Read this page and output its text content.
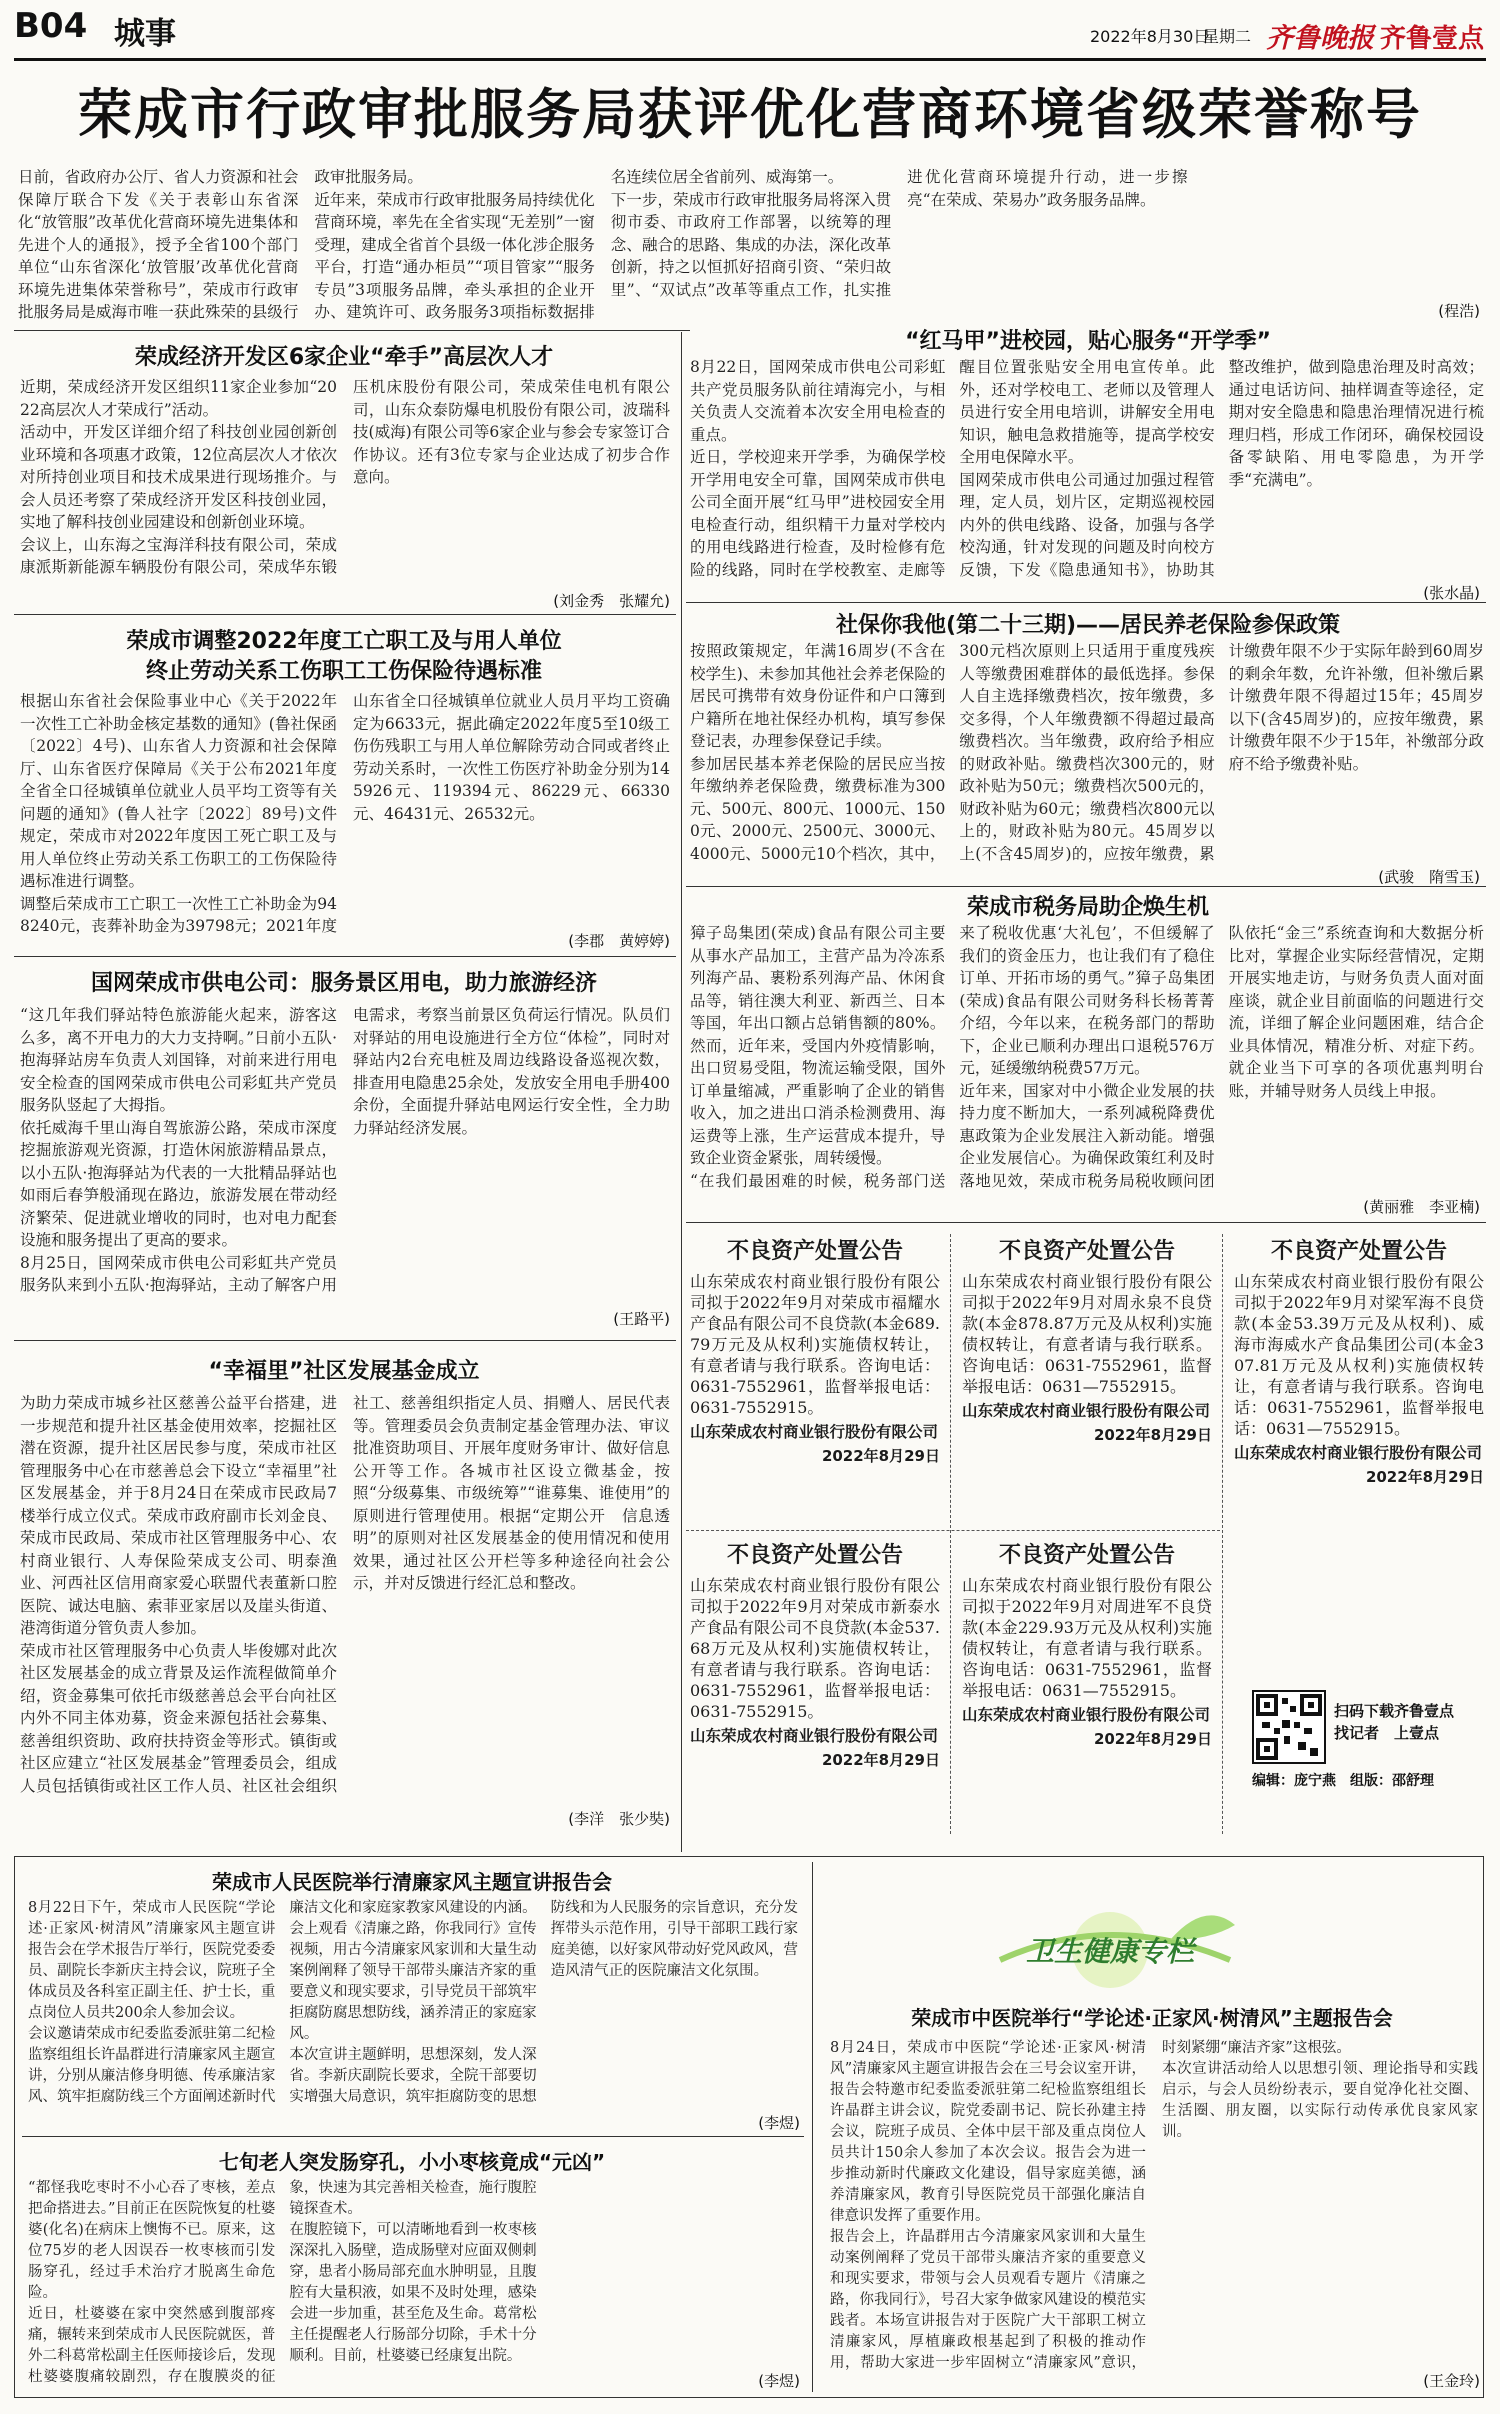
B04 城事	2022年8月30日
星期二 齐鲁晚报 齐鲁壹点
荣成市行政审批服务局获评优化营商环境省级荣誉称号
日前，省政府办公厅、省人力资源和社会保障厅联合下发《关于表彰山东省深化“放管服”改革优化营商环境先进集体和先进个人的通报》，授予全省100个部门单位“山东省深化‘放管服’改革优化营商环境先进集体荣誉称号”，荣成市行政审批服务局是威海市唯一获此殊荣的县级行政审批服务局。
近年来，荣成市行政审批服务局持续优化营商环境，率先在全省实现“无差别”一窗受理，建成全省首个县级一体化涉企服务平台，打造“通办柜员”“项目管家”“服务专员”3项服务品牌，牵头承担的企业开办、建筑许可、政务服务3项指标数据排名连续位居全省前列、威海第一。
下一步，荣成市行政审批服务局将深入贯彻市委、市政府工作部署，以统筹的理念、融合的思路、集成的办法，深化改革创新，持之以恒抓好招商引资、“荣归故里”、“双试点”改革等重点工作，扎实推进优化营商环境提升行动，进一步擦亮“在荣成、荣易办”政务服务品牌。
(程浩)
荣成经济开发区6家企业“牵手”高层次人才
近期，荣成经济开发区组织11家企业参加“2022高层次人才荣成行”活动。
活动中，开发区详细介绍了科技创业园创新创业环境和各项惠才政策，12位高层次人才依次对所持创业项目和技术成果进行现场推介。与会人员还考察了荣成经济开发区科技创业园，实地了解科技创业园建设和创新创业环境。
会议上，山东海之宝海洋科技有限公司，荣成康派斯新能源车辆股份有限公司，荣成华东锻压机床股份有限公司，荣成荣佳电机有限公司，山东众泰防爆电机股份有限公司，波瑞科技(威海)有限公司等6家企业与参会专家签订合作协议。还有3位专家与企业达成了初步合作意向。
(刘金秀　张耀允)
荣成市调整2022年度工亡职工及与用人单位
终止劳动关系工伤职工工伤保险待遇标准
根据山东省社会保险事业中心《关于2022年一次性工亡补助金核定基数的通知》(鲁社保函〔2022〕4号)、山东省人力资源和社会保障厅、山东省医疗保障局《关于公布2021年度全省全口径城镇单位就业人员平均工资等有关问题的通知》(鲁人社字〔2022〕89号)文件规定，荣成市对2022年度因工死亡职工及与用人单位终止劳动关系工伤职工的工伤保险待遇标准进行调整。
调整后荣成市工亡职工一次性工亡补助金为948240元，丧葬补助金为39798元；2021年度山东省全口径城镇单位就业人员月平均工资确定为6633元，据此确定2022年度5至10级工伤伤残职工与用人单位解除劳动合同或者终止劳动关系时，一次性工伤医疗补助金分别为145926元、119394元、86229元、66330元、46431元、26532元。
(李郡　黄婷婷)
国网荣成市供电公司：服务景区用电，助力旅游经济
“这几年我们驿站特色旅游能火起来，游客这么多，离不开电力的大力支持啊。”日前小五队·抱海驿站房车负责人刘国锋，对前来进行用电安全检查的国网荣成市供电公司彩虹共产党员服务队竖起了大拇指。
依托威海千里山海自驾旅游公路，荣成市深度挖掘旅游观光资源，打造休闲旅游精品景点，以小五队·抱海驿站为代表的一大批精品驿站也如雨后春笋般涌现在路边，旅游发展在带动经济繁荣、促进就业增收的同时，也对电力配套设施和服务提出了更高的要求。
8月25日，国网荣成市供电公司彩虹共产党员服务队来到小五队·抱海驿站，主动了解客户用电需求，考察当前景区负荷运行情况。队员们对驿站的用电设施进行全方位“体检”，同时对驿站内2台充电桩及周边线路设备巡视次数，排查用电隐患25余处，发放安全用电手册400余份，全面提升驿站电网运行安全性，全力助力驿站经济发展。
(王路平)
“幸福里”社区发展基金成立
为助力荣成市城乡社区慈善公益平台搭建，进一步规范和提升社区基金使用效率，挖掘社区潜在资源，提升社区居民参与度，荣成市社区管理服务中心在市慈善总会下设立“幸福里”社区发展基金，并于8月24日在荣成市民政局7楼举行成立仪式。荣成市政府副市长刘金良、荣成市民政局、荣成市社区管理服务中心、农村商业银行、人寿保险荣成支公司、明泰渔业、河西社区信用商家爱心联盟代表董新口腔医院、诚达电脑、索菲亚家居以及崖头街道、港湾街道分管负责人参加。
荣成市社区管理服务中心负责人毕俊娜对此次社区发展基金的成立背景及运作流程做简单介绍，资金募集可依托市级慈善总会平台向社区内外不同主体劝募，资金来源包括社会募集、慈善组织资助、政府扶持资金等形式。镇街或社区应建立“社区发展基金”管理委员会，组成人员包括镇街或社区工作人员、社区社会组织社工、慈善组织指定人员、捐赠人、居民代表等。管理委员会负责制定基金管理办法、审议批准资助项目、开展年度财务审计、做好信息公开等工作。各城市社区设立微基金，按照“分级募集、市级统筹”“谁募集、谁使用”的原则进行管理使用。根据“定期公开　信息透明”的原则对社区发展基金的使用情况和使用效果，通过社区公开栏等多种途径向社会公示，并对反馈进行经汇总和整改。
(李洋　张少奘)
“红马甲”进校园，贴心服务“开学季”
8月22日，国网荣成市供电公司彩虹共产党员服务队前往靖海完小，与相关负责人交流着本次安全用电检查的重点。
近日，学校迎来开学季，为确保学校开学用电安全可靠，国网荣成市供电公司全面开展“红马甲”进校园安全用电检查行动，组织精干力量对学校内的用电线路进行检查，及时检修有危险的线路，同时在学校教室、走廊等醒目位置张贴安全用电宣传单。此外，还对学校电工、老师以及管理人员进行安全用电培训，讲解安全用电知识，触电急救措施等，提高学校安全用电保障水平。
国网荣成市供电公司通过加强过程管理，定人员，划片区，定期巡视校园内外的供电线路、设备，加强与各学校沟通，针对发现的问题及时向校方反馈，下发《隐患通知书》，协助其整改维护，做到隐患治理及时高效；通过电话访问、抽样调查等途径，定期对安全隐患和隐患治理情况进行梳理归档，形成工作闭环，确保校园设备零缺陷、用电零隐患，为开学季“充满电”。
(张水晶)
社保你我他(第二十三期)——居民养老保险参保政策
按照政策规定，年满16周岁(不含在校学生)、未参加其他社会养老保险的居民可携带有效身份证件和户口簿到户籍所在地社保经办机构，填写参保登记表，办理参保登记手续。
参加居民基本养老保险的居民应当按年缴纳养老保险费，缴费标准为300元、500元、800元、1000元、1500元、2000元、2500元、3000元、4000元、5000元10个档次，其中，300元档次原则上只适用于重度残疾人等缴费困难群体的最低选择。参保人自主选择缴费档次，按年缴费，多交多得，个人年缴费额不得超过最高缴费档次。当年缴费，政府给予相应的财政补贴。缴费档次300元的，财政补贴为50元；缴费档次500元的，财政补贴为60元；缴费档次800元以上的，财政补贴为80元。45周岁以上(不含45周岁)的，应按年缴费，累计缴费年限不少于实际年龄到60周岁的剩余年数，允许补缴，但补缴后累计缴费年限不得超过15年；45周岁以下(含45周岁)的，应按年缴费，累计缴费年限不少于15年，补缴部分政府不给予缴费补贴。
(武骏　隋雪玉)
荣成市税务局助企焕生机
獐子岛集团(荣成)食品有限公司主要从事水产品加工，主营产品为冷冻系列海产品、裹粉系列海产品、休闲食品等，销往澳大利亚、新西兰、日本等国，年出口额占总销售额的80%。然而，近年来，受国内外疫情影响，出口贸易受阻，物流运输受限，国外订单量缩减，严重影响了企业的销售收入，加之进出口消杀检测费用、海运费等上涨，生产运营成本提升，导致企业资金紧张，周转缓慢。
“在我们最困难的时候，税务部门送来了税收优惠‘大礼包’，不但缓解了我们的资金压力，也让我们有了稳住订单、开拓市场的勇气。”獐子岛集团(荣成)食品有限公司财务科长杨菁菁介绍，今年以来，在税务部门的帮助下，企业已顺利办理出口退税576万元，延缓缴纳税费57万元。
近年来，国家对中小微企业发展的扶持力度不断加大，一系列减税降费优惠政策为企业发展注入新动能。增强企业发展信心。为确保政策红利及时落地见效，荣成市税务局税收顾问团队依托“金三”系统查询和大数据分析比对，掌握企业实际经营情况，定期开展实地走访，与财务负责人面对面座谈，就企业目前面临的问题进行交流，详细了解企业问题困难，结合企业具体情况，精准分析、对症下药。就企业当下可享的各项优惠判明台账，并辅导财务人员线上申报。
(黄丽雅　李亚楠)
不良资产处置公告
山东荣成农村商业银行股份有限公司拟于2022年9月对荣成市福耀水产食品有限公司不良贷款(本金689.79万元及从权利)实施债权转让，有意者请与我行联系。咨询电话：0631-7552961，监督举报电话：0631-7552915。
山东荣成农村商业银行股份有限公司
2022年8月29日
不良资产处置公告
山东荣成农村商业银行股份有限公司拟于2022年9月对周永泉不良贷款(本金878.87万元及从权利)实施债权转让，有意者请与我行联系。咨询电话：0631-7552961，监督举报电话：0631—7552915。
山东荣成农村商业银行股份有限公司
2022年8月29日
不良资产处置公告
山东荣成农村商业银行股份有限公司拟于2022年9月对梁军海不良贷款(本金53.39万元及从权利)、威海市海威水产食品集团公司(本金307.81万元及从权利)实施债权转让，有意者请与我行联系。咨询电话：0631-7552961，监督举报电话：0631—7552915。
山东荣成农村商业银行股份有限公司
2022年8月29日
不良资产处置公告
山东荣成农村商业银行股份有限公司拟于2022年9月对荣成市新泰水产食品有限公司不良贷款(本金537.68万元及从权利)实施债权转让，有意者请与我行联系。咨询电话：0631-7552961，监督举报电话：0631-7552915。
山东荣成农村商业银行股份有限公司
2022年8月29日
不良资产处置公告
山东荣成农村商业银行股份有限公司拟于2022年9月对周进军不良贷款(本金229.93万元及从权利)实施债权转让，有意者请与我行联系。咨询电话：0631-7552961，监督举报电话：0631—7552915。
山东荣成农村商业银行股份有限公司
2022年8月29日
扫码下载齐鲁壹点
找记者　上壹点
编辑：庞宁燕　组版：邵舒理
荣成市人民医院举行清廉家风主题宣讲报告会
8月22日下午，荣成市人民医院“学论述·正家风·树清风”清廉家风主题宣讲报告会在学术报告厅举行，医院党委委员、副院长李新庆主持会议，院班子全体成员及各科室正副主任、护士长，重点岗位人员共200余人参加会议。
会议邀请荣成市纪委监委派驻第二纪检监察组组长许晶群进行清廉家风主题宣讲，分别从廉洁修身明德、传承廉洁家风、筑牢拒腐防线三个方面阐述新时代廉洁文化和家庭家教家风建设的内涵。会上观看《清廉之路，你我同行》宣传视频，用古今清廉家风家训和大量生动案例阐释了领导干部带头廉洁齐家的重要意义和现实要求，引导党员干部筑牢拒腐防腐思想防线，涵养清正的家庭家风。
本次宣讲主题鲜明，思想深刻，发人深省。李新庆副院长要求，全院干部要切实增强大局意识，筑牢拒腐防变的思想防线和为人民服务的宗旨意识，充分发挥带头示范作用，引导干部职工践行家庭美德，以好家风带动好党风政风，营造风清气正的医院廉洁文化氛围。
(李煜)
七旬老人突发肠穿孔，小小枣核竟成“元凶”
“都怪我吃枣时不小心吞了枣核，差点把命搭进去。”目前正在医院恢复的杜婆婆(化名)在病床上懊悔不已。原来，这位75岁的老人因误吞一枚枣核而引发肠穿孔，经过手术治疗才脱离生命危险。
近日，杜婆婆在家中突然感到腹部疼痛，辗转来到荣成市人民医院就医，普外二科葛常松副主任医师接诊后，发现杜婆婆腹痛较剧烈，存在腹膜炎的征象，快速为其完善相关检查，施行腹腔镜探查术。
在腹腔镜下，可以清晰地看到一枚枣核深深扎入肠壁，造成肠壁对应面双侧刺穿，患者小肠局部充血水肿明显，且腹腔有大量积液，如果不及时处理，感染会进一步加重，甚至危及生命。葛常松主任提醒老人行肠部分切除，手术十分顺利。目前，杜婆婆已经康复出院。
(李煜)
卫生健康专栏
荣成市中医院举行“学论述·正家风·树清风”主题报告会
8月24日，荣成市中医院“学论述·正家风·树清风”清廉家风主题宣讲报告会在三号会议室开讲，报告会特邀市纪委监委派驻第二纪检监察组组长许晶群主讲会议，院党委副书记、院长孙建主持会议，院班子成员、全体中层干部及重点岗位人员共计150余人参加了本次会议。报告会为进一步推动新时代廉政文化建设，倡导家庭美德，涵养清廉家风，教育引导医院党员干部强化廉洁自律意识发挥了重要作用。
报告会上，许晶群用古今清廉家风家训和大量生动案例阐释了党员干部带头廉洁齐家的重要意义和现实要求，带领与会人员观看专题片《清廉之路，你我同行》，号召大家争做家风建设的模范实践者。本场宣讲报告对于医院广大干部职工树立清廉家风，厚植廉政根基起到了积极的推动作用，帮助大家进一步牢固树立“清廉家风”意识，时刻紧绷“廉洁齐家”这根弦。
本次宣讲活动给人以思想引领、理论指导和实践启示，与会人员纷纷表示，要自觉净化社交圈、生活圈、朋友圈，以实际行动传承优良家风家训。
(王金玲)
